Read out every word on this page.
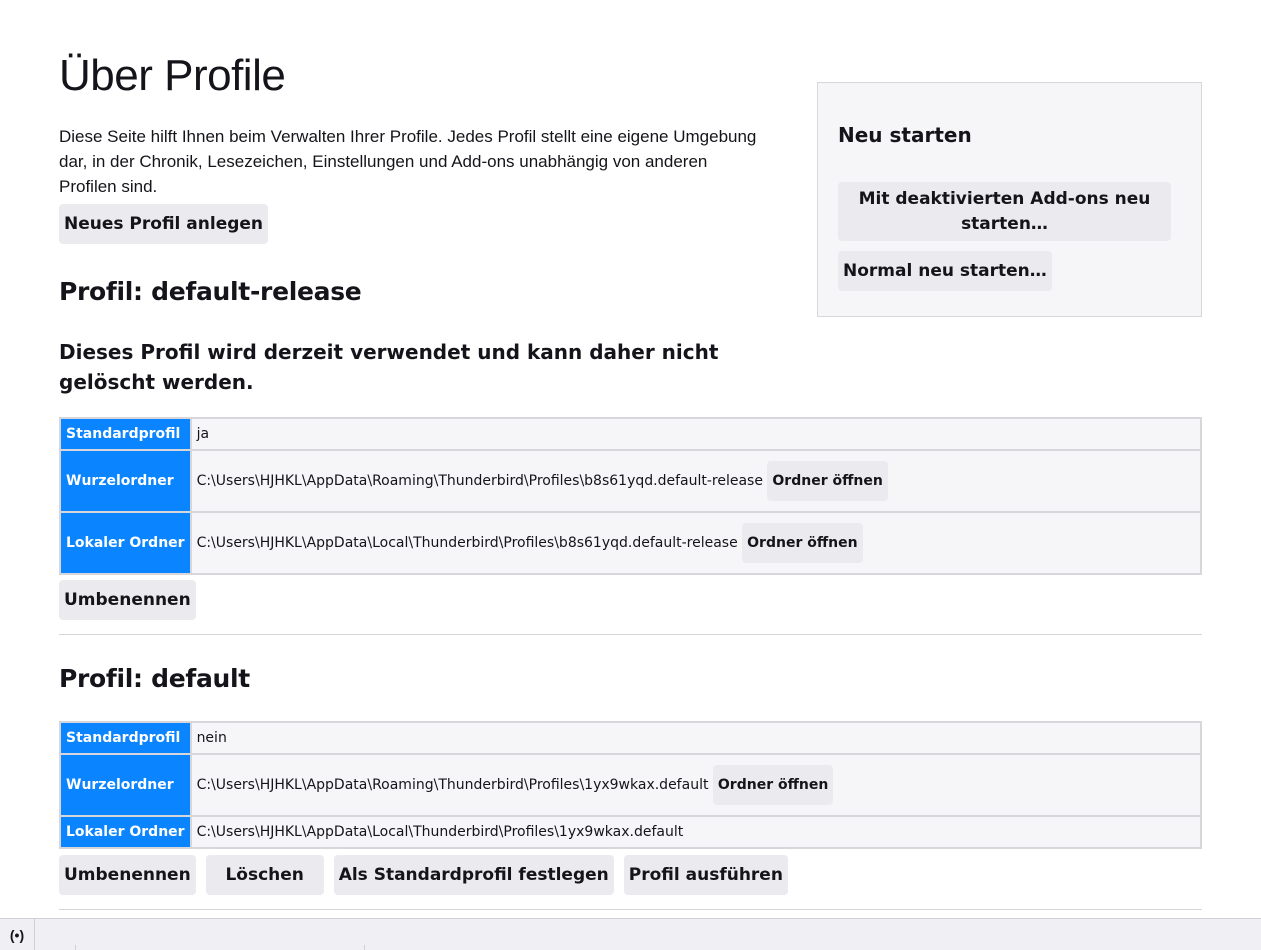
Über Profile

Diese Seite hilft Ihnen beim Verwalten Ihrer Profile. Jedes Profil stellt eine eigene Umgebung dar, in der Chronik, Lesezeichen, Einstellungen und Add-ons unabhängig von anderen Profilen sind.

Neues Profil anlegen
Profil: default-release

Dieses Profil wird derzeit verwendet und kann daher nicht gelöscht werden.

Standardprofil	ja
Wurzelordner	C:\Users\HJHKL\AppData\Roaming\Thunderbird\Profiles\b8s61yqd.default-release Ordner öffnen

Lokaler Ordner	C:\Users\HJHKL\AppData\Local\Thunderbird\Profiles\b8s61yqd.default-release Ordner öffnen
Umbenennen
Profil: default
Standardprofil	nein
Wurzelordner	C:\Users\HJHKL\AppData\Roaming\Thunderbird\Profiles\1yx9wkax.default Ordner öffnen

Lokaler Ordner	C:\Users\HJHKL\AppData\Local\Thunderbird\Profiles\1yx9wkax.default
Umbenennen	Löschen	Als Standardprofil festlegen Profil ausführen
Neu starten
Mit deaktivierten Add-ons neu starten…
Normal neu starten…
(•)
